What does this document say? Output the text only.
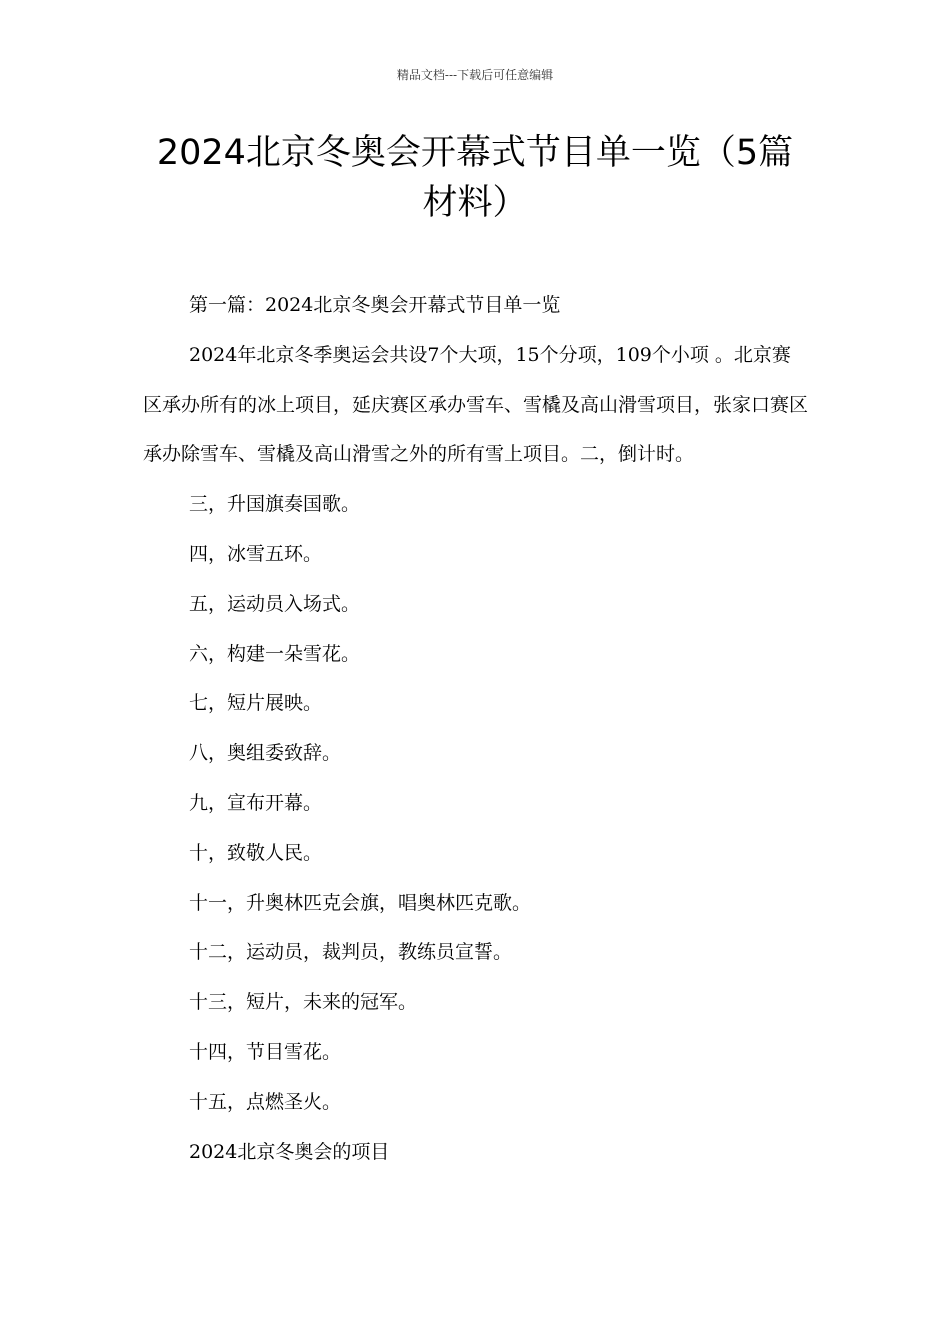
精品文档---下载后可任意编辑
2024北京冬奥会开幕式节目单一览（5篇材料）

第一篇：2024北京冬奥会开幕式节目单一览

2024年北京冬季奥运会共设7个大项，15个分项，109个小项 。北京赛区承办所有的冰上项目，延庆赛区承办雪车、雪橇及高山滑雪项目，张家口赛区承办除雪车、雪橇及高山滑雪之外的所有雪上项目。二，倒计时。

三，升国旗奏国歌。

四，冰雪五环。

五，运动员入场式。

六，构建一朵雪花。

七，短片展映。

八，奥组委致辞。

九，宣布开幕。

十，致敬人民。

十一，升奥林匹克会旗，唱奥林匹克歌。

十二，运动员，裁判员，教练员宣誓。

十三，短片，未来的冠军。

十四，节目雪花。

十五，点燃圣火。

2024北京冬奥会的项目
